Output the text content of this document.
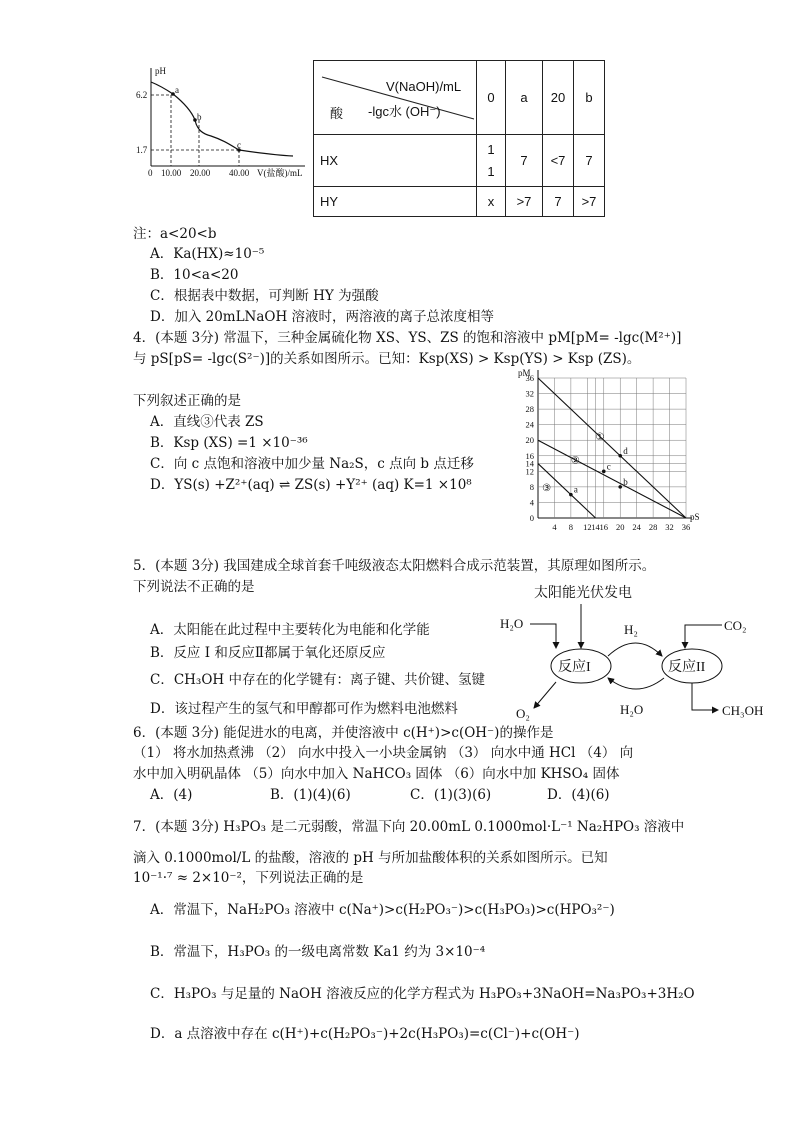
pH
V(盐酸)/mL
6.2
1.7
0 10.00 20.00 40.00
a
b
c
V(NaOH)/mL
-lgc水 (OH⁻)
酸	0	a	20	b
HX	11	7	<7	7
HY	x	>7	7	>7
注：a<20<b
A．Ka(HX)≈10⁻⁵
B．10<a<20
C．根据表中数据，可判断 HY 为强酸
D．加入 20mLNaOH 溶液时，两溶液的离子总浓度相等
4．(本题 3分) 常温下，三种金属硫化物 XS、YS、ZS 的饱和溶液中 pM[pM= -lgc(M²⁺)]
与 pS[pS= -lgc(S²⁻)]的关系如图所示。已知：Ksp(XS) > Ksp(YS) > Ksp (ZS)。
下列叙述正确的是
A．直线③代表 ZS
B．Ksp (XS) =1 ×10⁻³⁶
C．向 c 点饱和溶液中加少量 Na₂S，c 点向 b 点迁移
D．YS(s) +Z²⁺(aq) ⇌ ZS(s) +Y²⁺ (aq) K=1 ×10⁸
pM
pS
0
4
8
12
14
16
20
24
28
32
36
4 8 12 14 16 20 24 28 32 36
①
②
③	a
b
c
d
5．(本题 3分) 我国建成全球首套千吨级液态太阳燃料合成示范装置，其原理如图所示。
下列说法不正确的是
A．太阳能在此过程中主要转化为电能和化学能
B．反应 I 和反应Ⅱ都属于氧化还原反应
C．CH₃OH 中存在的化学键有：离子键、共价键、氢键
D．该过程产生的氢气和甲醇都可作为燃料电池燃料
太阳能光伏发电
反应I	反应II
H₂O	CO₂
H₂
H₂O
O₂	CH₃OH
6．(本题 3分) 能促进水的电离，并使溶液中 c(H⁺)>c(OH⁻)的操作是
（1） 将水加热煮沸 （2） 向水中投入一小块金属钠 （3） 向水中通 HCl （4） 向
水中加入明矾晶体 （5）向水中加入 NaHCO₃ 固体 （6）向水中加 KHSO₄ 固体
A．(4)	B．(1)(4)(6)	C．(1)(3)(6)	D．(4)(6)
7．(本题 3分) H₃PO₃ 是二元弱酸，常温下向 20.00mL 0.1000mol·L⁻¹ Na₂HPO₃ 溶液中
滴入 0.1000mol/L 的盐酸，溶液的 pH 与所加盐酸体积的关系如图所示。已知
10⁻¹·⁷ ≈ 2×10⁻²，下列说法正确的是
A．常温下，NaH₂PO₃ 溶液中 c(Na⁺)>c(H₂PO₃⁻)>c(H₃PO₃)>c(HPO₃²⁻)
B．常温下，H₃PO₃ 的一级电离常数 Ka1 约为 3×10⁻⁴
C．H₃PO₃ 与足量的 NaOH 溶液反应的化学方程式为 H₃PO₃+3NaOH=Na₃PO₃+3H₂O
D．a 点溶液中存在 c(H⁺)+c(H₂PO₃⁻)+2c(H₃PO₃)=c(Cl⁻)+c(OH⁻)
